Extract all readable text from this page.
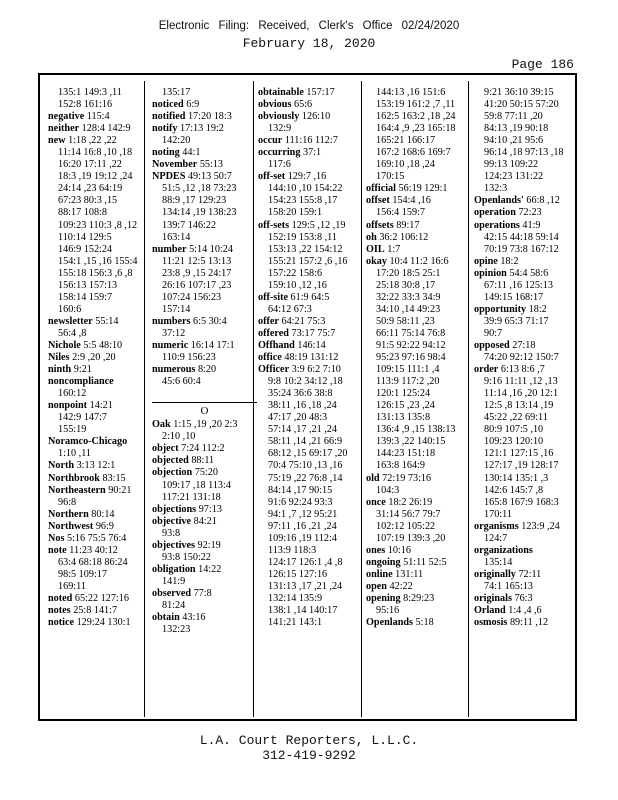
Electronic Filing: Received, Clerk's Office 02/24/2020
February 18, 2020
Page 186
135:1 149:3 ,11
152:8 161:16
negative 115:4
neither 128:4 142:9
new 1:18 ,22 ,22
11:14 16:8 ,10 ,18
16:20 17:11 ,22
18:3 ,19 19:12 ,24
24:14 ,23 64:19
67:23 80:3 ,15
88:17 108:8
109:23 110:3 ,8 ,12
110:14 129:5
146:9 152:24
154:1 ,15 ,16 155:4
155:18 156:3 ,6 ,8
156:13 157:13
158:14 159:7
160:6
newsletter 55:14
56:4 ,8
Nichole 5:5 48:10
Niles 2:9 ,20 ,20
ninth 9:21
noncompliance
160:12
nonpoint 14:21
142:9 147:7
155:19
Noramco-Chicago
1:10 ,11
North 3:13 12:1
Northbrook 83:15
Northeastern 90:21
96:8
Northern 80:14
Northwest 96:9
Nos 5:16 75:5 76:4
note 11:23 40:12
63:4 68:18 86:24
98:5 109:17
169:11
noted 65:22 127:16
notes 25:8 141:7
notice 129:24 130:1
135:17
noticed 6:9
notified 17:20 18:3
notify 17:13 19:2
142:20
noting 44:1
November 55:13
NPDES 49:13 50:7
51:5 ,12 ,18 73:23
88:9 ,17 129:23
134:14 ,19 138:23
139:7 146:22
163:14
number 5:14 10:24
11:21 12:5 13:13
23:8 ,9 ,15 24:17
26:16 107:17 ,23
107:24 156:23
157:14
numbers 6:5 30:4
37:12
numeric 16:14 17:1
110:9 156:23
numerous 8:20
45:6 60:4

O
Oak 1:15 ,19 ,20 2:3
2:10 ,10
object 7:24 112:2
objected 88:11
objection 75:20
109:17 ,18 113:4
117:21 131:18
objections 97:13
objective 84:21
93:8
objectives 92:19
93:8 150:22
obligation 14:22
141:9
observed 77:8
81:24
obtain 43:16
132:23
obtainable 157:17
obvious 65:6
obviously 126:10
132:9
occur 111:16 112:7
occurring 37:1
117:6
off-set 129:7 ,16
144:10 ,10 154:22
154:23 155:8 ,17
158:20 159:1
off-sets 129:5 ,12 ,19
152:19 153:8 ,11
153:13 ,22 154:12
155:21 157:2 ,6 ,16
157:22 158:6
159:10 ,12 ,16
off-site 61:9 64:5
64:12 67:3
offer 64:21 75:3
offered 73:17 75:7
Offhand 146:14
office 48:19 131:12
Officer 3:9 6:2 7:10
9:8 10:2 34:12 ,18
35:24 36:6 38:8
38:11 ,16 ,18 ,24
47:17 ,20 48:3
57:14 ,17 ,21 ,24
58:11 ,14 ,21 66:9
68:12 ,15 69:17 ,20
70:4 75:10 ,13 ,16
75:19 ,22 76:8 ,14
84:14 ,17 90:15
91:6 92:24 93:3
94:1 ,7 ,12 95:21
97:11 ,16 ,21 ,24
109:16 ,19 112:4
113:9 118:3
124:17 126:1 ,4 ,8
126:15 127:16
131:13 ,17 ,21 ,24
132:14 135:9
138:1 ,14 140:17
141:21 143:1
144:13 ,16 151:6
153:19 161:2 ,7 ,11
162:5 163:2 ,18 ,24
164:4 ,9 ,23 165:18
165:21 166:17
167:2 168:6 169:7
169:10 ,18 ,24
170:15
official 56:19 129:1
offset 154:4 ,16
156:4 159:7
offsets 89:17
oh 36:2 106:12
OIL 1:7
okay 10:4 11:2 16:6
17:20 18:5 25:1
25:18 30:8 ,17
32:22 33:3 34:9
34:10 ,14 49:23
50:9 58:11 ,23
66:11 75:14 76:8
91:5 92:22 94:12
95:23 97:16 98:4
109:15 111:1 ,4
113:9 117:2 ,20
120:1 125:24
126:15 ,23 ,24
131:13 135:8
136:4 ,9 ,15 138:13
139:3 ,22 140:15
144:23 151:18
163:8 164:9
old 72:19 73:16
104:3
once 18:2 26:19
31:14 56:7 79:7
102:12 105:22
107:19 139:3 ,20
ones 10:16
ongoing 51:11 52:5
online 131:11
open 42:22
opening 8:29:23
95:16
Openlands 5:18
9:21 36:10 39:15
41:20 50:15 57:20
59:8 77:11 ,20
84:13 ,19 90:18
94:10 ,21 95:6
96:14 ,18 97:13 ,18
99:13 109:22
124:23 131:22
132:3
Openlands' 66:8 ,12
operation 72:23
operations 41:9
42:15 44:18 59:14
70:19 73:8 167:12
opine 18:2
opinion 54:4 58:6
67:11 ,16 125:13
149:15 168:17
opportunity 18:2
39:9 65:3 71:17
90:7
opposed 27:18
74:20 92:12 150:7
order 6:13 8:6 ,7
9:16 11:11 ,12 ,13
11:14 ,16 ,20 12:1
12:5 ,8 13:14 ,19
45:22 ,22 69:11
80:9 107:5 ,10
109:23 120:10
121:1 127:15 ,16
127:17 ,19 128:17
130:14 135:1 ,3
142:6 145:7 ,8
165:8 167:9 168:3
170:11
organisms 123:9 ,24
124:7
organizations
135:14
originally 72:11
74:1 165:13
originals 76:3
Orland 1:4 ,4 ,6
osmosis 89:11 ,12
L.A. Court Reporters, L.L.C.
312-419-9292
